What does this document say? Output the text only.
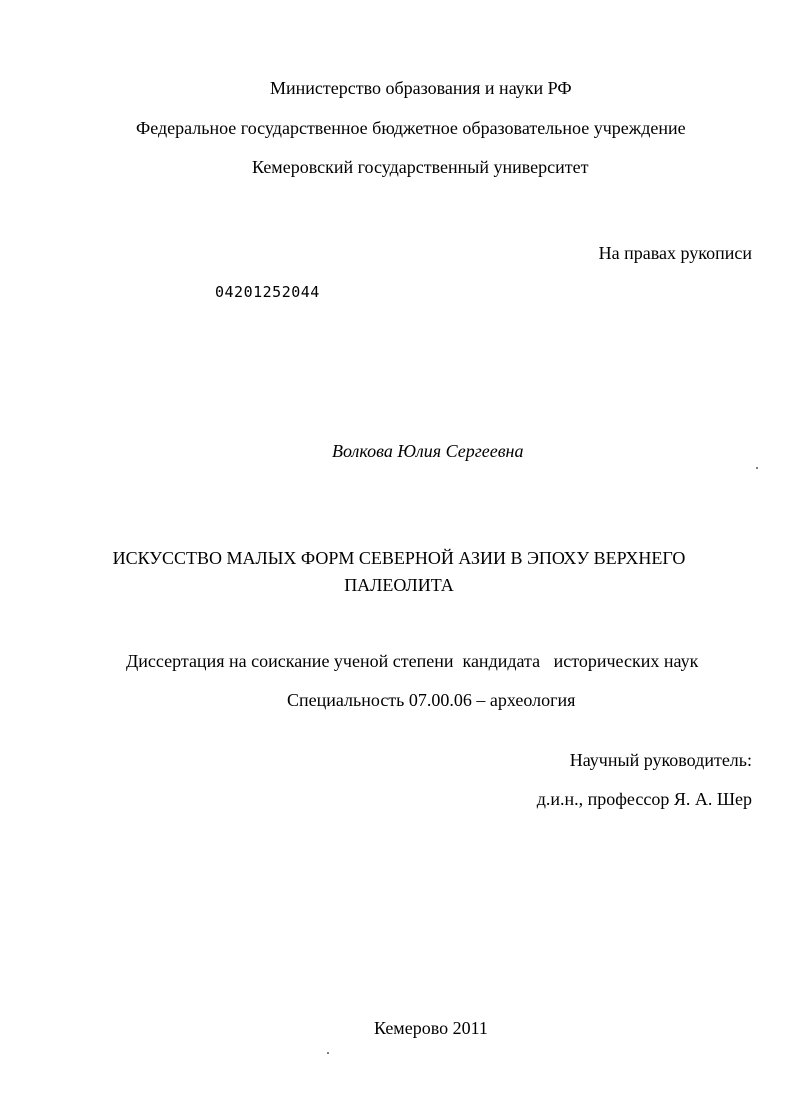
Министерство образования и науки РФ
Федеральное государственное бюджетное образовательное учреждение
Кемеровский государственный университет
На правах рукописи
04201252044
Волкова Юлия Сергеевна
ИСКУССТВО МАЛЫХ ФОРМ СЕВЕРНОЙ АЗИИ В ЭПОХУ ВЕРХНЕГО
ПАЛЕОЛИТА
Диссертация на соискание ученой степени  кандидата   исторических наук
Специальность 07.00.06 – археология
Научный руководитель:
д.и.н., профессор Я. А. Шер
Кемерово 2011
